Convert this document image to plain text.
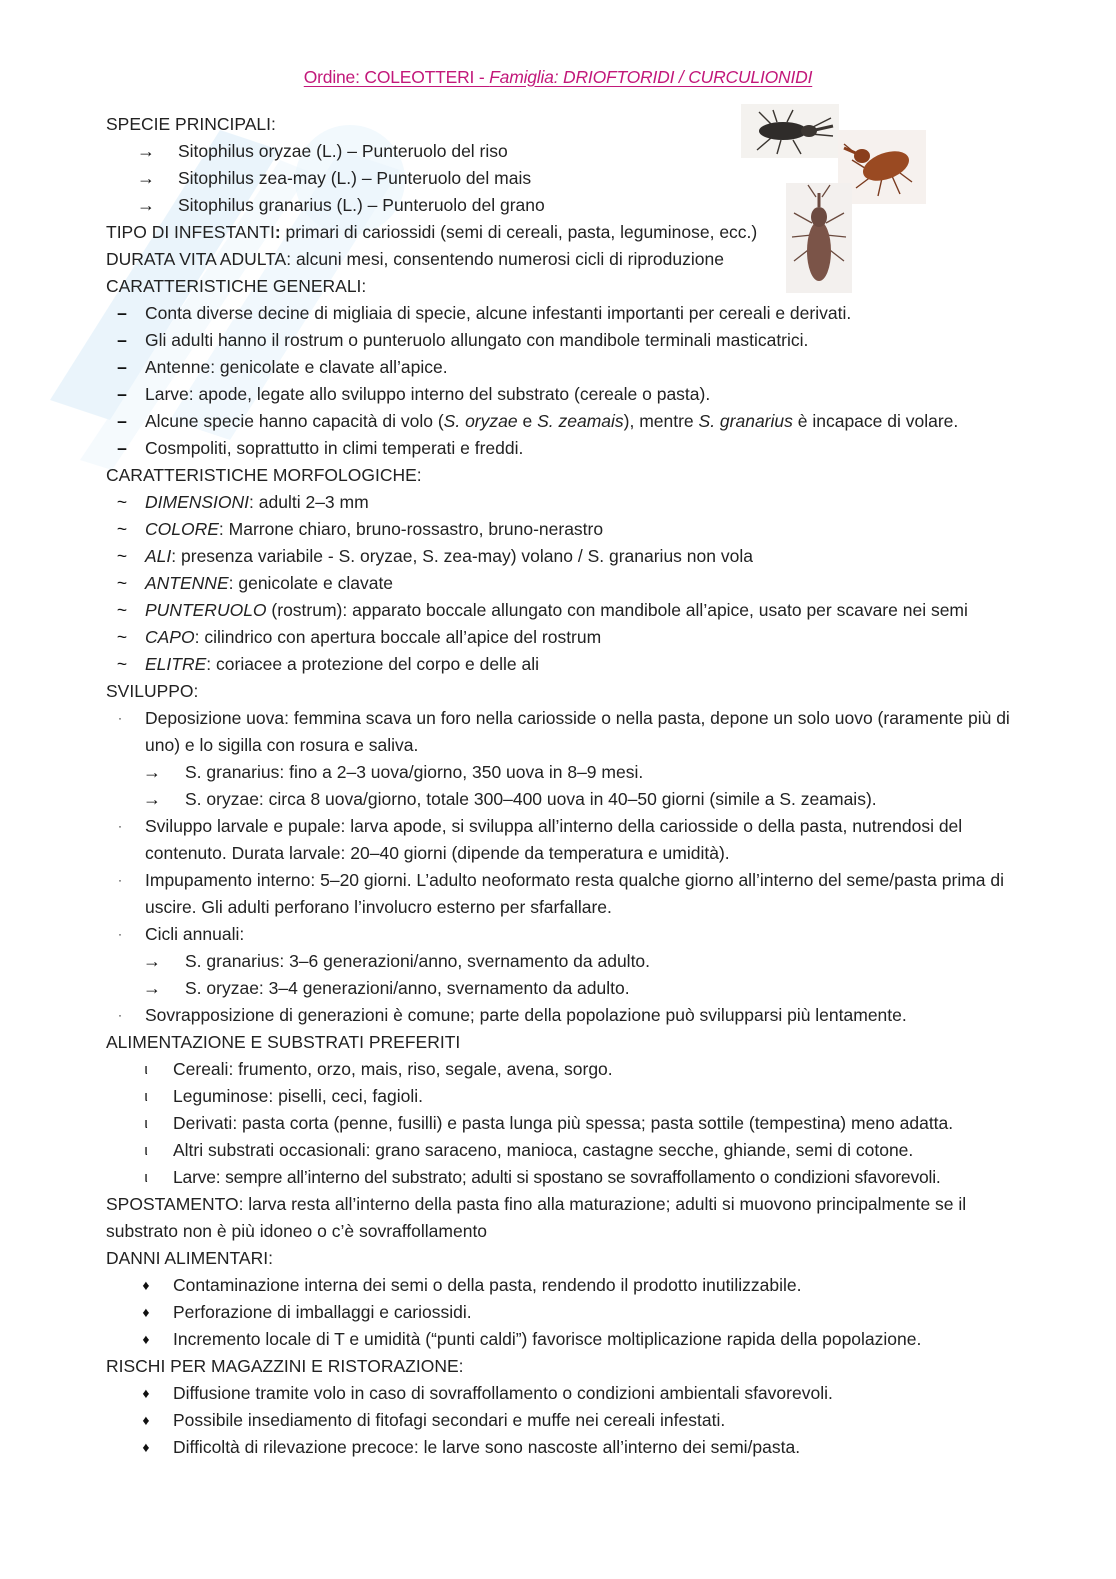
Ordine: COLEOTTERI - Famiglia: DRIOFTORIDI / CURCULIONIDI

SPECIE PRINCIPALI:

→ Sitophilus oryzae (L.) – Punteruolo del riso

→ Sitophilus zea-may (L.) – Punteruolo del mais

→ Sitophilus granarius (L.) – Punteruolo del grano

TIPO DI INFESTANTI: primari di cariossidi (semi di cereali, pasta, leguminose, ecc.)

DURATA VITA ADULTA: alcuni mesi, consentendo numerosi cicli di riproduzione

CARATTERISTICHE GENERALI:

– Conta diverse decine di migliaia di specie, alcune infestanti importanti per cereali e derivati.

– Gli adulti hanno il rostrum o punteruolo allungato con mandibole terminali masticatrici.

– Antenne: genicolate e clavate all’apice.

– Larve: apode, legate allo sviluppo interno del substrato (cereale o pasta).

– Alcune specie hanno capacità di volo (S. oryzae e S. zeamais), mentre S. granarius è incapace di volare.

– Cosmpoliti, soprattutto in climi temperati e freddi.

CARATTERISTICHE MORFOLOGICHE:

~ DIMENSIONI: adulti 2–3 mm

~ COLORE: Marrone chiaro, bruno-rossastro, bruno-nerastro

~ ALI: presenza variabile - S. oryzae, S. zea-may) volano / S. granarius non vola

~ ANTENNE: genicolate e clavate

~ PUNTERUOLO (rostrum): apparato boccale allungato con mandibole all’apice, usato per scavare nei semi

~ CAPO: cilindrico con apertura boccale all’apice del rostrum

~ ELITRE: coriacee a protezione del corpo e delle ali

SVILUPPO:

·	Deposizione uova: femmina scava un foro nella cariosside o nella pasta, depone un solo uovo (raramente più di uno) e lo sigilla con rosura e saliva.

→ S. granarius: fino a 2–3 uova/giorno, 350 uova in 8–9 mesi.

→ S. oryzae: circa 8 uova/giorno, totale 300–400 uova in 40–50 giorni (simile a S. zeamais).

·	Sviluppo larvale e pupale: larva apode, si sviluppa all’interno della cariosside o della pasta, nutrendosi del contenuto. Durata larvale: 20–40 giorni (dipende da temperatura e umidità).

·	Impupamento interno: 5–20 giorni. L’adulto neoformato resta qualche giorno all’interno del seme/pasta prima di uscire. Gli adulti perforano l’involucro esterno per sfarfallare.

·	Cicli annuali:

→ S. granarius: 3–6 generazioni/anno, svernamento da adulto.

→ S. oryzae: 3–4 generazioni/anno, svernamento da adulto.

·	Sovrapposizione di generazioni è comune; parte della popolazione può svilupparsi più lentamente.

ALIMENTAZIONE E SUBSTRATI PREFERITI

ι	Cereali: frumento, orzo, mais, riso, segale, avena, sorgo.

ι	Leguminose: piselli, ceci, fagioli.

ι	Derivati: pasta corta (penne, fusilli) e pasta lunga più spessa; pasta sottile (tempestina) meno adatta.

ι	Altri substrati occasionali: grano saraceno, manioca, castagne secche, ghiande, semi di cotone.

ι	Larve: sempre all’interno del substrato; adulti si spostano se sovraffollamento o condizioni sfavorevoli.

SPOSTAMENTO: larva resta all’interno della pasta fino alla maturazione; adulti si muovono principalmente se il substrato non è più idoneo o c’è sovraffollamento

DANNI ALIMENTARI:

♦	Contaminazione interna dei semi o della pasta, rendendo il prodotto inutilizzabile.

♦	Perforazione di imballaggi e cariossidi.

♦	Incremento locale di T e umidità (“punti caldi”) favorisce moltiplicazione rapida della popolazione.

RISCHI PER MAGAZZINI E RISTORAZIONE:

♦	Diffusione tramite volo in caso di sovraffollamento o condizioni ambientali sfavorevoli.

♦	Possibile insediamento di fitofagi secondari e muffe nei cereali infestati.

♦	Difficoltà di rilevazione precoce: le larve sono nascoste all’interno dei semi/pasta.
